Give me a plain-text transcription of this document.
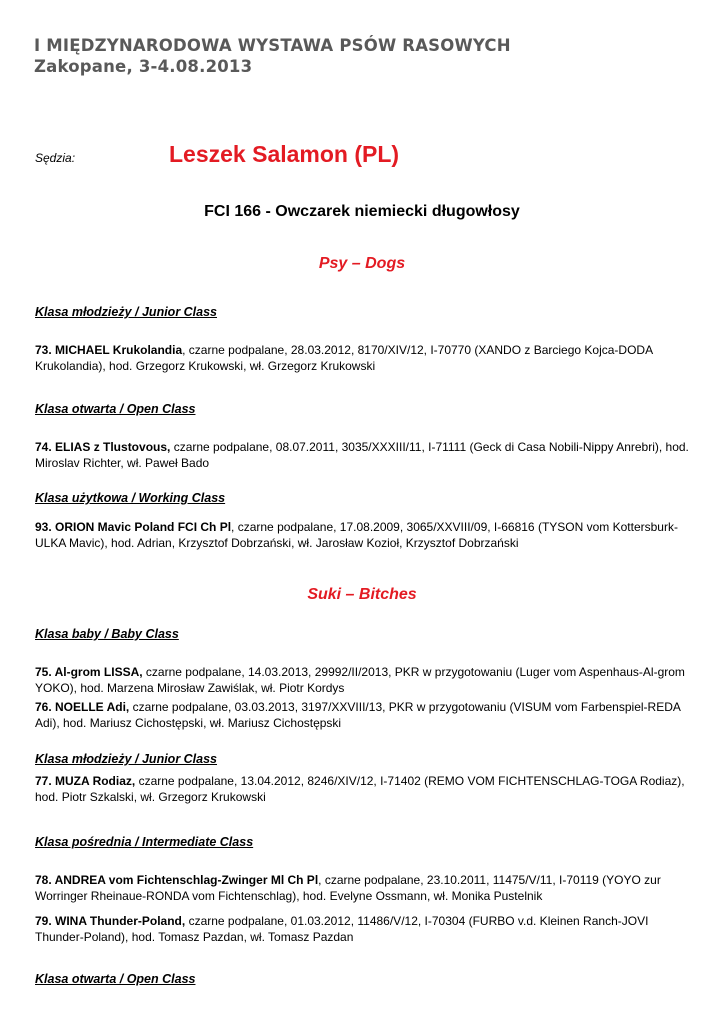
I MIĘDZYNARODOWA WYSTAWA PSÓW RASOWYCH
Zakopane, 3-4.08.2013
Sędzia:	Leszek Salamon (PL)
FCI 166 - Owczarek niemiecki długowłosy
Psy – Dogs
Klasa młodzieży / Junior Class
73. MICHAEL Krukolandia, czarne podpalane, 28.03.2012, 8170/XIV/12, I-70770 (XANDO z Barciego Kojca-DODA Krukolandia), hod. Grzegorz Krukowski, wł. Grzegorz Krukowski
Klasa otwarta / Open Class
74. ELIAS z Tlustovous, czarne podpalane, 08.07.2011, 3035/XXXIII/11, I-71111 (Geck di Casa Nobili-Nippy Anrebri), hod. Miroslav Richter, wł. Paweł Bado
Klasa użytkowa / Working Class
93. ORION Mavic Poland FCI Ch Pl, czarne podpalane, 17.08.2009, 3065/XXVIII/09, I-66816 (TYSON vom Kottersburk-ULKA Mavic), hod. Adrian, Krzysztof Dobrzański, wł. Jarosław Kozioł, Krzysztof Dobrzański
Suki – Bitches
Klasa baby / Baby Class
75. Al-grom LISSA, czarne podpalane, 14.03.2013, 29992/II/2013, PKR w przygotowaniu (Luger vom Aspenhaus-Al-grom YOKO), hod. Marzena Mirosław Zawiślak, wł. Piotr Kordys
76. NOELLE Adi, czarne podpalane, 03.03.2013, 3197/XXVIII/13, PKR w przygotowaniu (VISUM vom Farbenspiel-REDA Adi), hod. Mariusz Cichostępski, wł. Mariusz Cichostępski
Klasa młodzieży / Junior Class
77. MUZA Rodiaz, czarne podpalane, 13.04.2012, 8246/XIV/12, I-71402 (REMO VOM FICHTENSCHLAG-TOGA Rodiaz), hod. Piotr Szkalski, wł. Grzegorz Krukowski
Klasa pośrednia / Intermediate Class
78. ANDREA vom Fichtenschlag-Zwinger Ml Ch Pl, czarne podpalane, 23.10.2011, 11475/V/11, I-70119 (YOYO zur Worringer Rheinaue-RONDA vom Fichtenschlag), hod. Evelyne Ossmann, wł. Monika Pustelnik
79. WINA Thunder-Poland, czarne podpalane, 01.03.2012, 11486/V/12, I-70304 (FURBO v.d. Kleinen Ranch-JOVI Thunder-Poland), hod. Tomasz Pazdan, wł. Tomasz Pazdan
Klasa otwarta / Open Class
